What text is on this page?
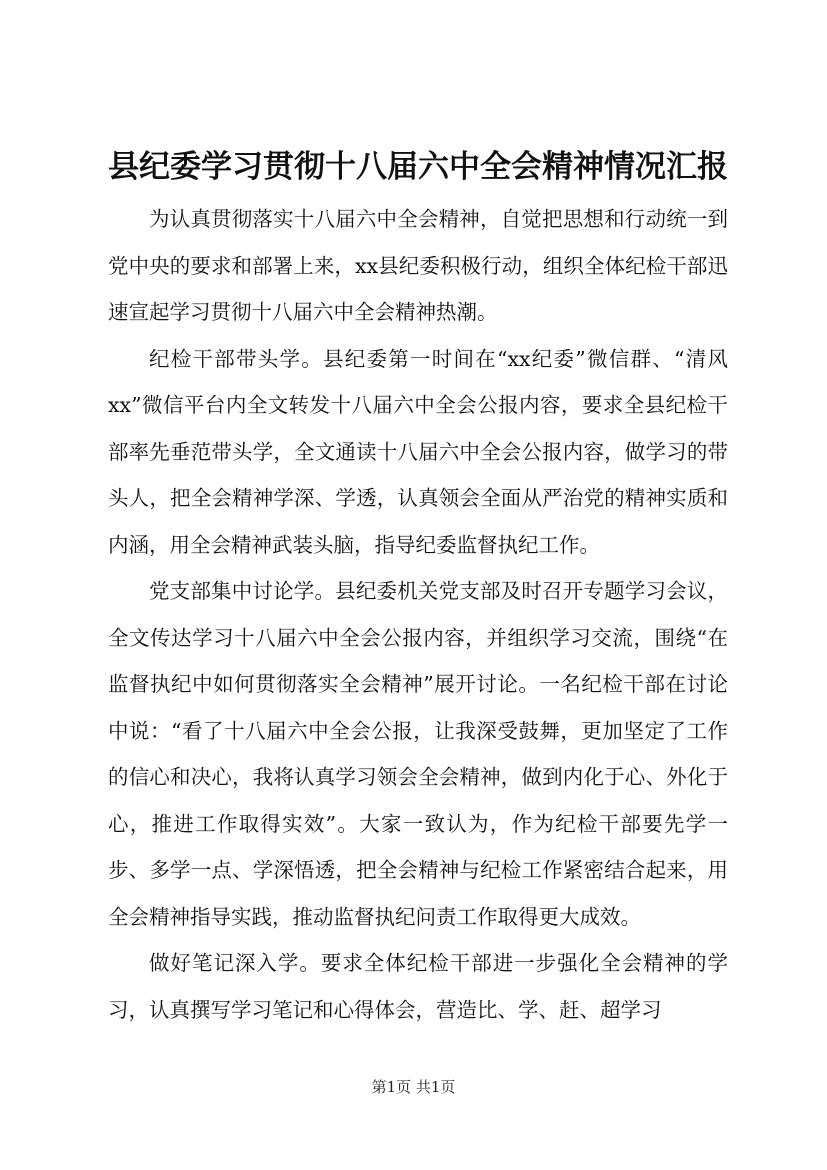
县纪委学习贯彻十八届六中全会精神情况汇报

为认真贯彻落实十八届六中全会精神，自觉把思想和行动统一到党中央的要求和部署上来，xx县纪委积极行动，组织全体纪检干部迅速宣起学习贯彻十八届六中全会精神热潮。

纪检干部带头学。县纪委第一时间在“xx纪委”微信群、“清风xx”微信平台内全文转发十八届六中全会公报内容，要求全县纪检干部率先垂范带头学，全文通读十八届六中全会公报内容，做学习的带头人，把全会精神学深、学透，认真领会全面从严治党的精神实质和内涵，用全会精神武装头脑，指导纪委监督执纪工作。

党支部集中讨论学。县纪委机关党支部及时召开专题学习会议，全文传达学习十八届六中全会公报内容，并组织学习交流，围绕“在监督执纪中如何贯彻落实全会精神”展开讨论。一名纪检干部在讨论中说：“看了十八届六中全会公报，让我深受鼓舞，更加坚定了工作的信心和决心，我将认真学习领会全会精神，做到内化于心、外化于心，推进工作取得实效”。大家一致认为，作为纪检干部要先学一步、多学一点、学深悟透，把全会精神与纪检工作紧密结合起来，用全会精神指导实践，推动监督执纪问责工作取得更大成效。

做好笔记深入学。要求全体纪检干部进一步强化全会精神的学习，认真撰写学习笔记和心得体会，营造比、学、赶、超学习

第1页 共1页
